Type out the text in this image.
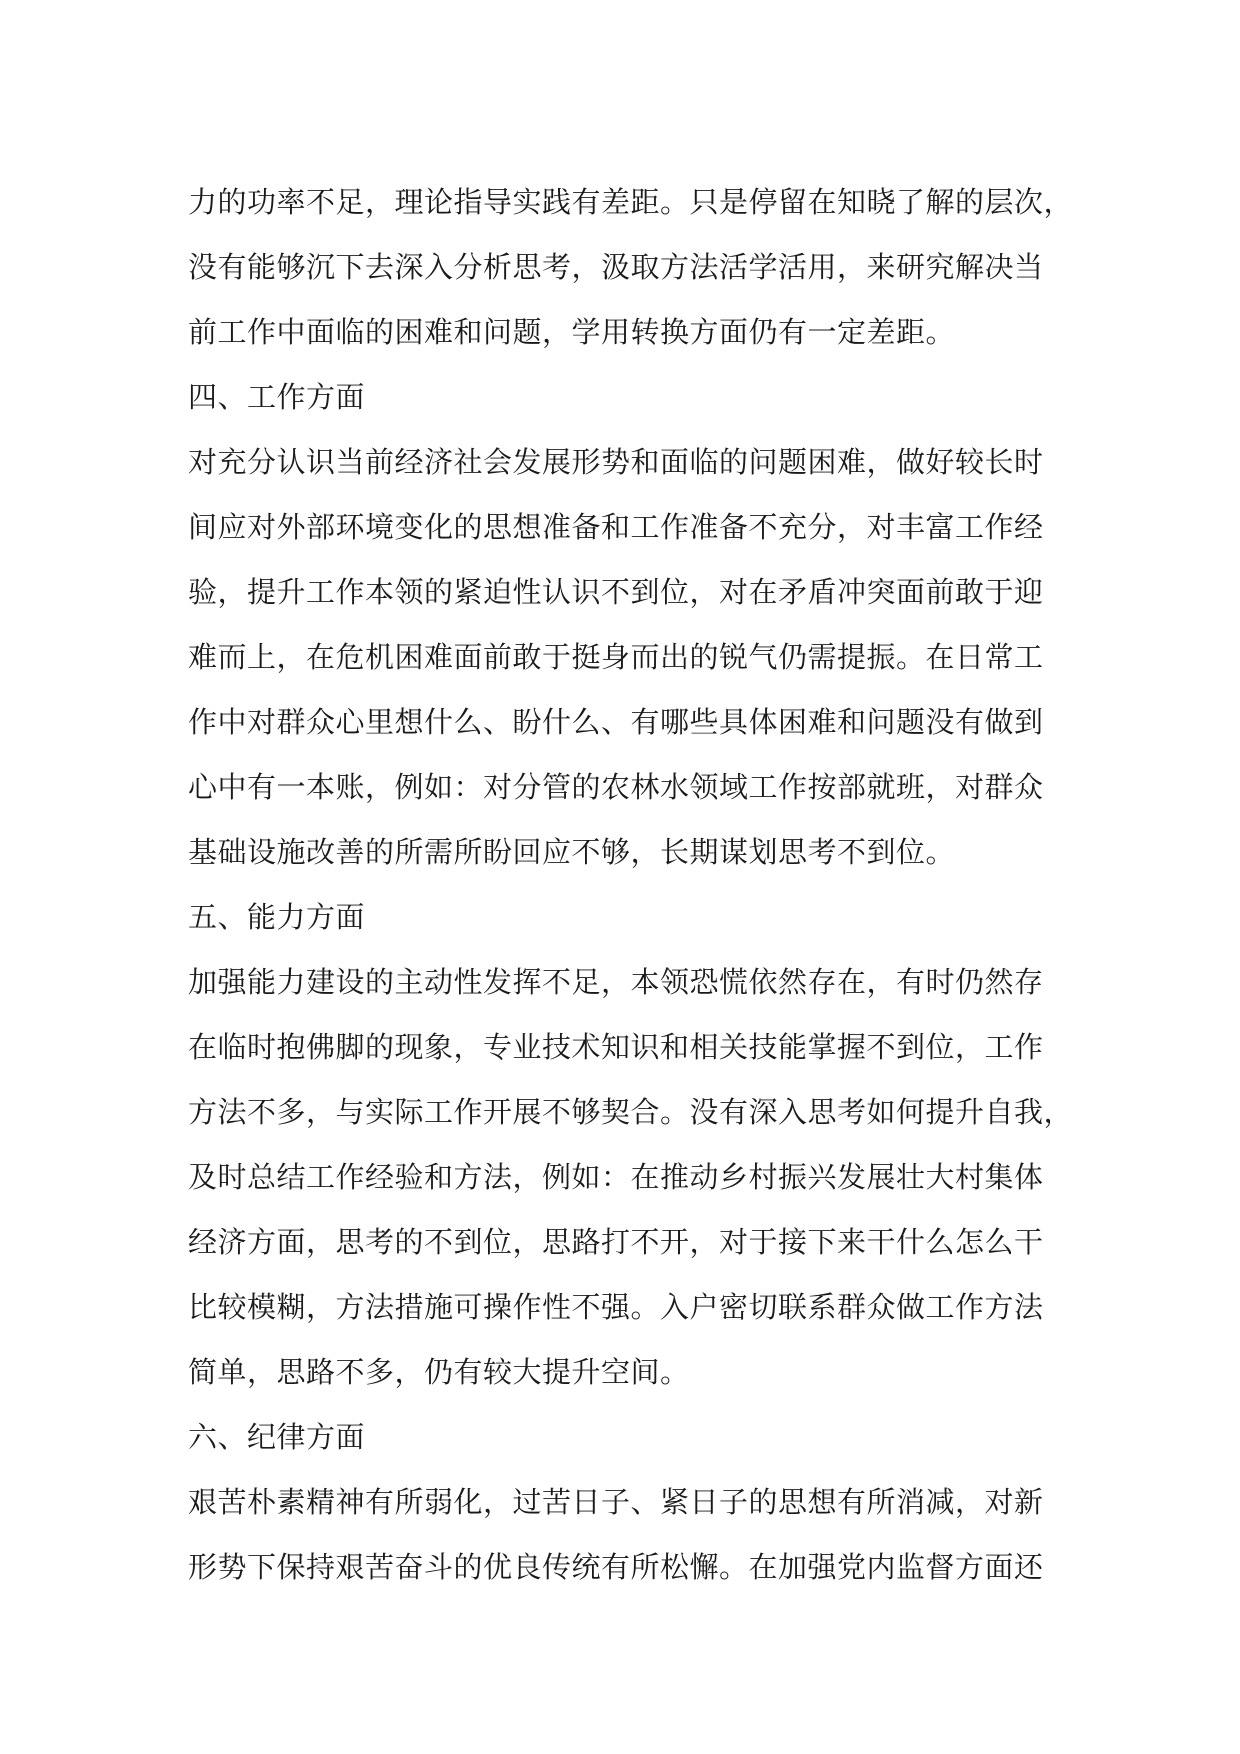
力的功率不足，理论指导实践有差距。只是停留在知晓了解的层次，
没有能够沉下去深入分析思考，汲取方法活学活用，来研究解决当
前工作中面临的困难和问题，学用转换方面仍有一定差距。
四、工作方面
对充分认识当前经济社会发展形势和面临的问题困难，做好较长时
间应对外部环境变化的思想准备和工作准备不充分，对丰富工作经
验，提升工作本领的紧迫性认识不到位，对在矛盾冲突面前敢于迎
难而上，在危机困难面前敢于挺身而出的锐气仍需提振。在日常工
作中对群众心里想什么、盼什么、有哪些具体困难和问题没有做到
心中有一本账，例如：对分管的农林水领域工作按部就班，对群众
基础设施改善的所需所盼回应不够，长期谋划思考不到位。
五、能力方面
加强能力建设的主动性发挥不足，本领恐慌依然存在，有时仍然存
在临时抱佛脚的现象，专业技术知识和相关技能掌握不到位，工作
方法不多，与实际工作开展不够契合。没有深入思考如何提升自我，
及时总结工作经验和方法，例如：在推动乡村振兴发展壮大村集体
经济方面，思考的不到位，思路打不开，对于接下来干什么怎么干
比较模糊，方法措施可操作性不强。入户密切联系群众做工作方法
简单，思路不多，仍有较大提升空间。
六、纪律方面
艰苦朴素精神有所弱化，过苦日子、紧日子的思想有所消减，对新
形势下保持艰苦奋斗的优良传统有所松懈。在加强党内监督方面还
